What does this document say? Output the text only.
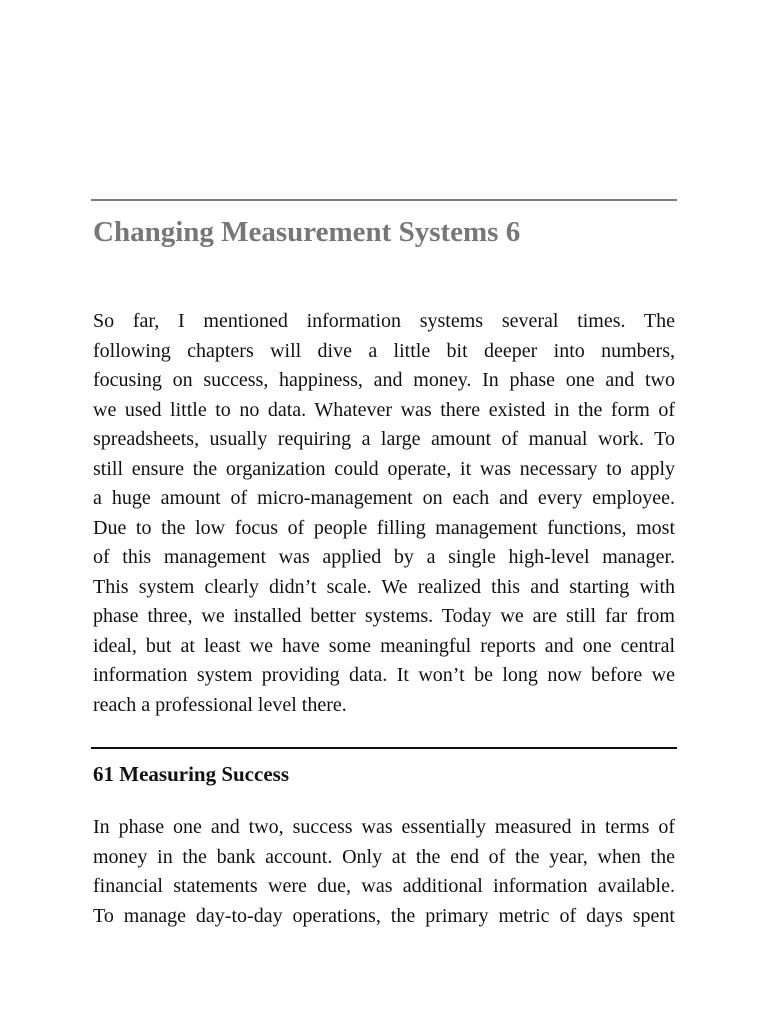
Changing Measurement Systems 6
So far, I mentioned information systems several times. The
following chapters will dive a little bit deeper into numbers,
focusing on success, happiness, and money. In phase one and two
we used little to no data. Whatever was there existed in the form of
spreadsheets, usually requiring a large amount of manual work. To
still ensure the organization could operate, it was necessary to apply
a huge amount of micro-management on each and every employee.
Due to the low focus of people filling management functions, most
of this management was applied by a single high-level manager.
This system clearly didn’t scale. We realized this and starting with
phase three, we installed better systems. Today we are still far from
ideal, but at least we have some meaningful reports and one central
information system providing data. It won’t be long now before we
reach a professional level there.
61 Measuring Success
In phase one and two, success was essentially measured in terms of
money in the bank account. Only at the end of the year, when the
financial statements were due, was additional information available.
To manage day-to-day operations, the primary metric of days spent
